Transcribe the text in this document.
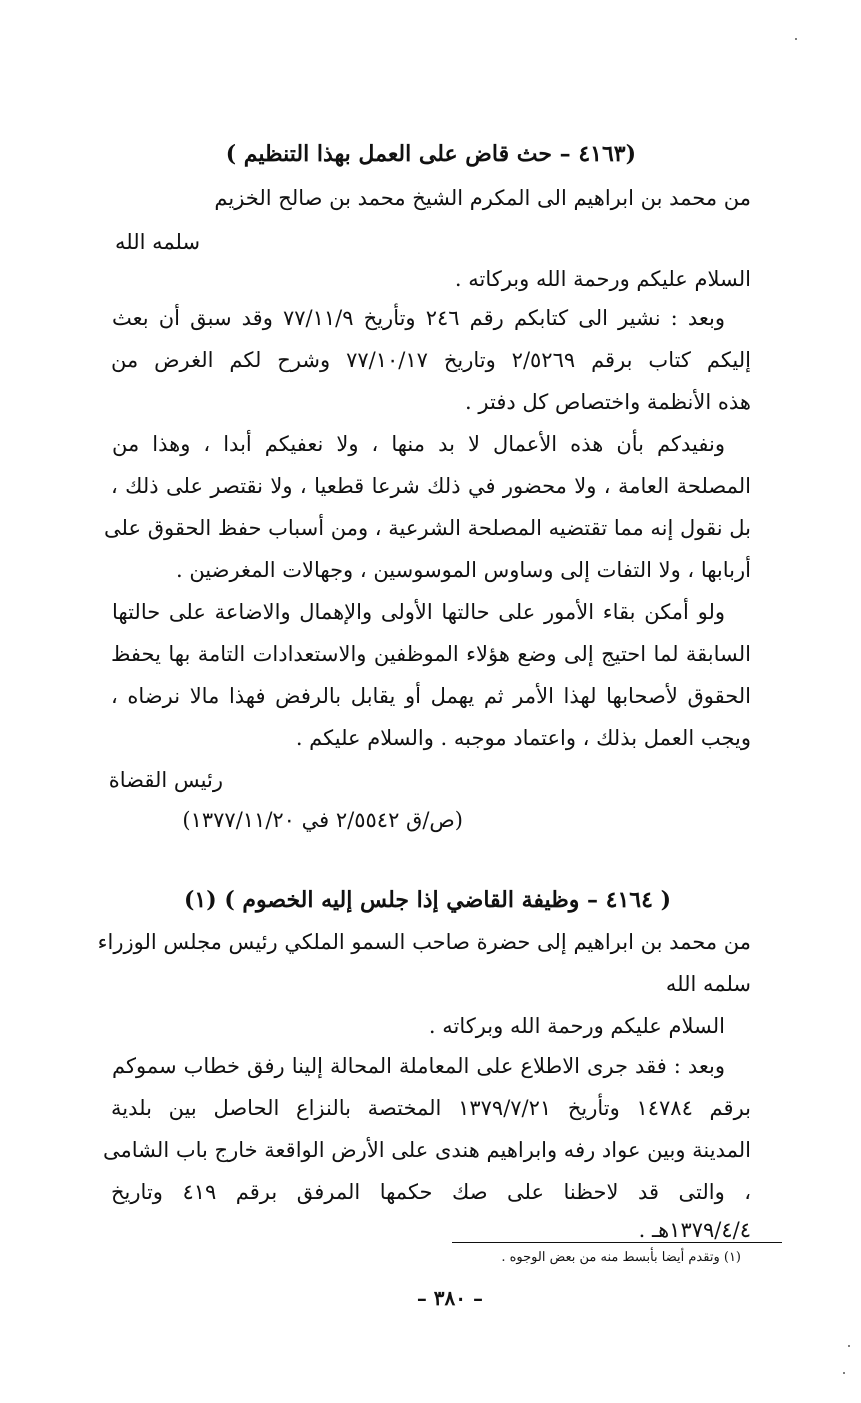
(٤١٦٣ – حث قاض على العمل بهذا التنظيم )
من محمد بن ابراهيم الى المكرم الشيخ محمد بن صالح الخزيم
سلمه الله
السلام عليكم ورحمة الله وبركاته .
وبعد : نشير الى كتابكم رقم ٢٤٦ وتأريخ ٧٧/١١/٩ وقد سبق أن بعث
إليكم كتاب برقم ٢/٥٢٦٩ وتاريخ ٧٧/١٠/١٧ وشرح لكم الغرض من
هذه الأنظمة واختصاص كل دفتر .
ونفيدكم بأن هذه الأعمال لا بد منها ، ولا نعفيكم أبدا ، وهذا من
المصلحة العامة ، ولا محضور في ذلك شرعا قطعيا ، ولا نقتصر على ذلك ،
بل نقول إنه مما تقتضيه المصلحة الشرعية ، ومن أسباب حفظ الحقوق على
أربابها ، ولا التفات إلى وساوس الموسوسين ، وجهالات المغرضين .
ولو أمكن بقاء الأمور على حالتها الأولى والإهمال والاضاعة على حالتها
السابقة لما احتيج إلى وضع هؤلاء الموظفين والاستعدادات التامة بها يحفظ
الحقوق لأصحابها لهذا الأمر ثم يهمل أو يقابل بالرفض فهذا مالا نرضاه ،
ويجب العمل بذلك ، واعتماد موجبه . والسلام عليكم .
رئيس القضاة
(ص/ق ٢/٥٥٤٢ في ١٣٧٧/١١/٢٠)
( ٤١٦٤ – وظيفة القاضي إذا جلس إليه الخصوم ) (١)
من محمد بن ابراهيم إلى حضرة صاحب السمو الملكي رئيس مجلس الوزراء
سلمه الله
السلام عليكم ورحمة الله وبركاته .
وبعد : فقد جرى الاطلاع على المعاملة المحالة إلينا رفق خطاب سموكم
برقم ١٤٧٨٤ وتأريخ ١٣٧٩/٧/٢١ المختصة بالنزاع الحاصل بين بلدية
المدينة وبين عواد رفه وابراهيم هندى على الأرض الواقعة خارج باب الشامى
، والتى قد لاحظنا على صك حكمها المرفق برقم ٤١٩ وتاريخ
١٣٧٩/٤/٤هـ .
(١) وتقدم أيضا بأبسط منه من بعض الوجوه .
– ٣٨٠ –
